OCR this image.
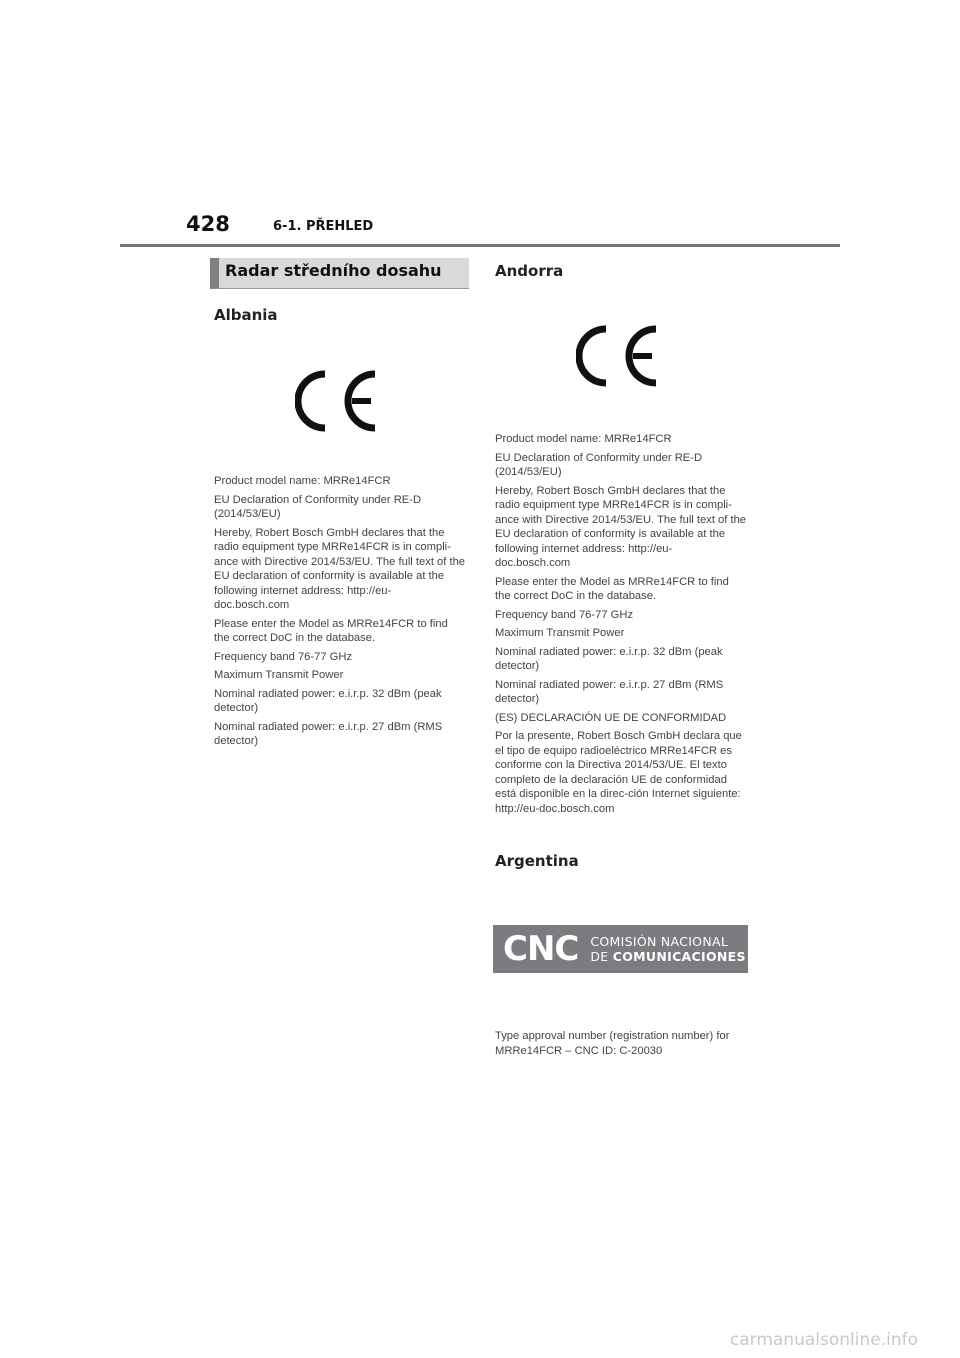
428	6-1. PŘEHLED
Radar středního dosahu
Albania

Product model name: MRRe14FCR

EU Declaration of Conformity under RE-D (2014/53/EU)

Hereby, Robert Bosch GmbH declares that the radio equipment type MRRe14FCR is in compli-ance with Directive 2014/53/EU. The full text of the EU declaration of conformity is available at the following internet address: http://eu-doc.bosch.com

Please enter the Model as MRRe14FCR to find the correct DoC in the database.

Frequency band 76-77 GHz

Maximum Transmit Power

Nominal radiated power: e.i.r.p. 32 dBm (peak detector)

Nominal radiated power: e.i.r.p. 27 dBm (RMS detector)

Andorra

Product model name: MRRe14FCR

EU Declaration of Conformity under RE-D (2014/53/EU)

Hereby, Robert Bosch GmbH declares that the radio equipment type MRRe14FCR is in compli-ance with Directive 2014/53/EU. The full text of the EU declaration of conformity is available at the following internet address: http://eu-doc.bosch.com

Please enter the Model as MRRe14FCR to find the correct DoC in the database.

Frequency band 76-77 GHz

Maximum Transmit Power

Nominal radiated power: e.i.r.p. 32 dBm (peak detector)

Nominal radiated power: e.i.r.p. 27 dBm (RMS detector)

(ES) DECLARACIÓN UE DE CONFORMIDAD

Por la presente, Robert Bosch GmbH declara que el tipo de equipo radioeléctrico MRRe14FCR es conforme con la Directiva 2014/53/UE. El texto completo de la declaración UE de conformidad está disponible en la direc-ción Internet siguiente: http://eu-doc.bosch.com

Argentina
CNC COMISIÓN NACIONAL
DE COMUNICACIONES

Type approval number (registration number) for MRRe14FCR – CNC ID: C-20030

carmanualsonline.info
